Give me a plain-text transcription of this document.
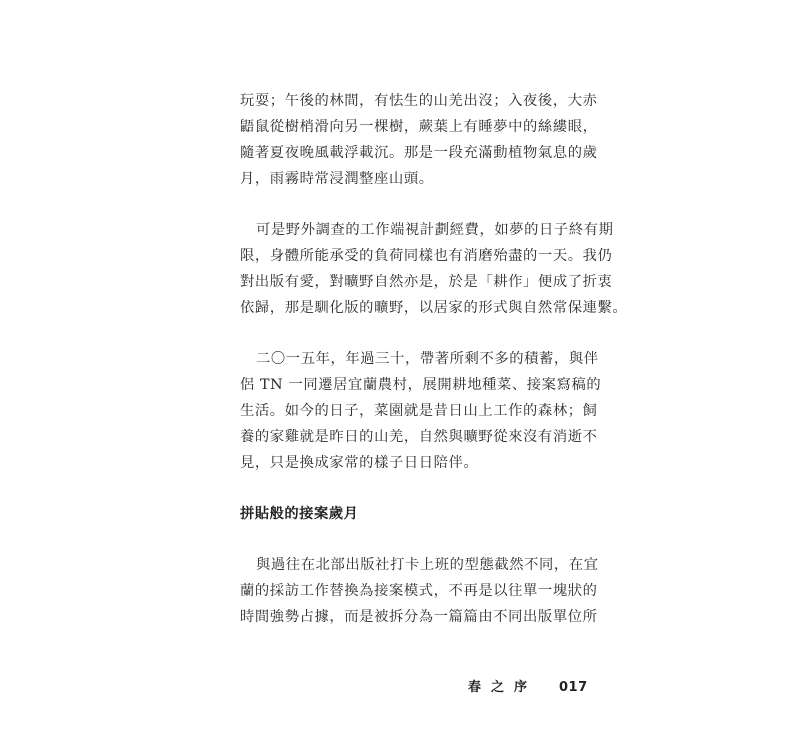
玩耍；午後的林間，有怯生的山羌出沒；入夜後，大赤
鼯鼠從樹梢滑向另一棵樹，蕨葉上有睡夢中的絲縷眼，
隨著夏夜晚風載浮載沉。那是一段充滿動植物氣息的歲
月，雨霧時常浸潤整座山頭。
可是野外調查的工作端視計劃經費，如夢的日子終有期
限，身體所能承受的負荷同樣也有消磨殆盡的一天。我仍
對出版有愛，對曠野自然亦是，於是「耕作」便成了折衷
依歸，那是馴化版的曠野，以居家的形式與自然常保連繫。
二〇一五年，年過三十，帶著所剩不多的積蓄，與伴
侶 TN 一同遷居宜蘭農村，展開耕地種菜、接案寫稿的
生活。如今的日子，菜園就是昔日山上工作的森林；飼
養的家雞就是昨日的山羌，自然與曠野從來沒有消逝不
見，只是換成家常的樣子日日陪伴。
拼貼般的接案歲月
與過往在北部出版社打卡上班的型態截然不同，在宜
蘭的採訪工作替換為接案模式，不再是以往單一塊狀的
時間強勢占據，而是被拆分為一篇篇由不同出版單位所
春之序 017
